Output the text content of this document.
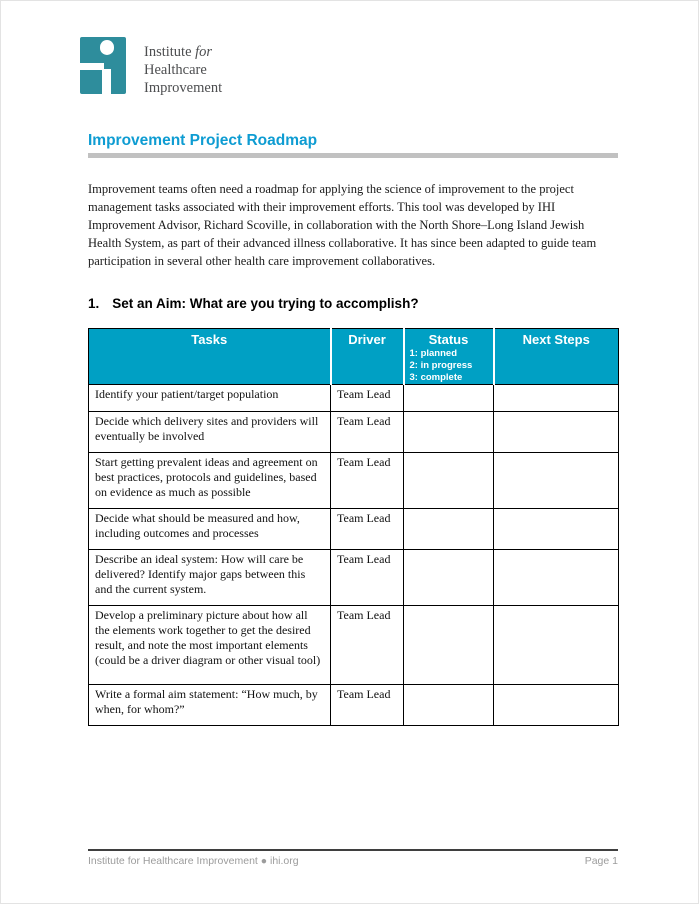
Institute for
Healthcare
Improvement
Improvement Project Roadmap

Improvement teams often need a roadmap for applying the science of improvement to the project management tasks associated with their improvement efforts. This tool was developed by IHI Improvement Advisor, Richard Scoville, in collaboration with the North Shore–Long Island Jewish Health System, as part of their advanced illness collaborative. It has since been adapted to guide team participation in several other health care improvement collaboratives.

1. Set an Aim: What are you trying to accomplish?
Tasks	Driver	Status
1: planned
2: in progress
3: complete	Next Steps
Identify your patient/target population	Team Lead		
Decide which delivery sites and providers will eventually be involved	Team Lead		
Start getting prevalent ideas and agreement on best practices, protocols and guidelines, based on evidence as much as possible	Team Lead		
Decide what should be measured and how, including outcomes and processes	Team Lead		
Describe an ideal system: How will care be delivered? Identify major gaps between this and the current system.	Team Lead		
Develop a preliminary picture about how all the elements work together to get the desired result, and note the most important elements (could be a driver diagram or other visual tool)	Team Lead		
Write a formal aim statement: “How much, by when, for whom?”	Team Lead		
Institute for Healthcare Improvement ● ihi.org	Page 1
